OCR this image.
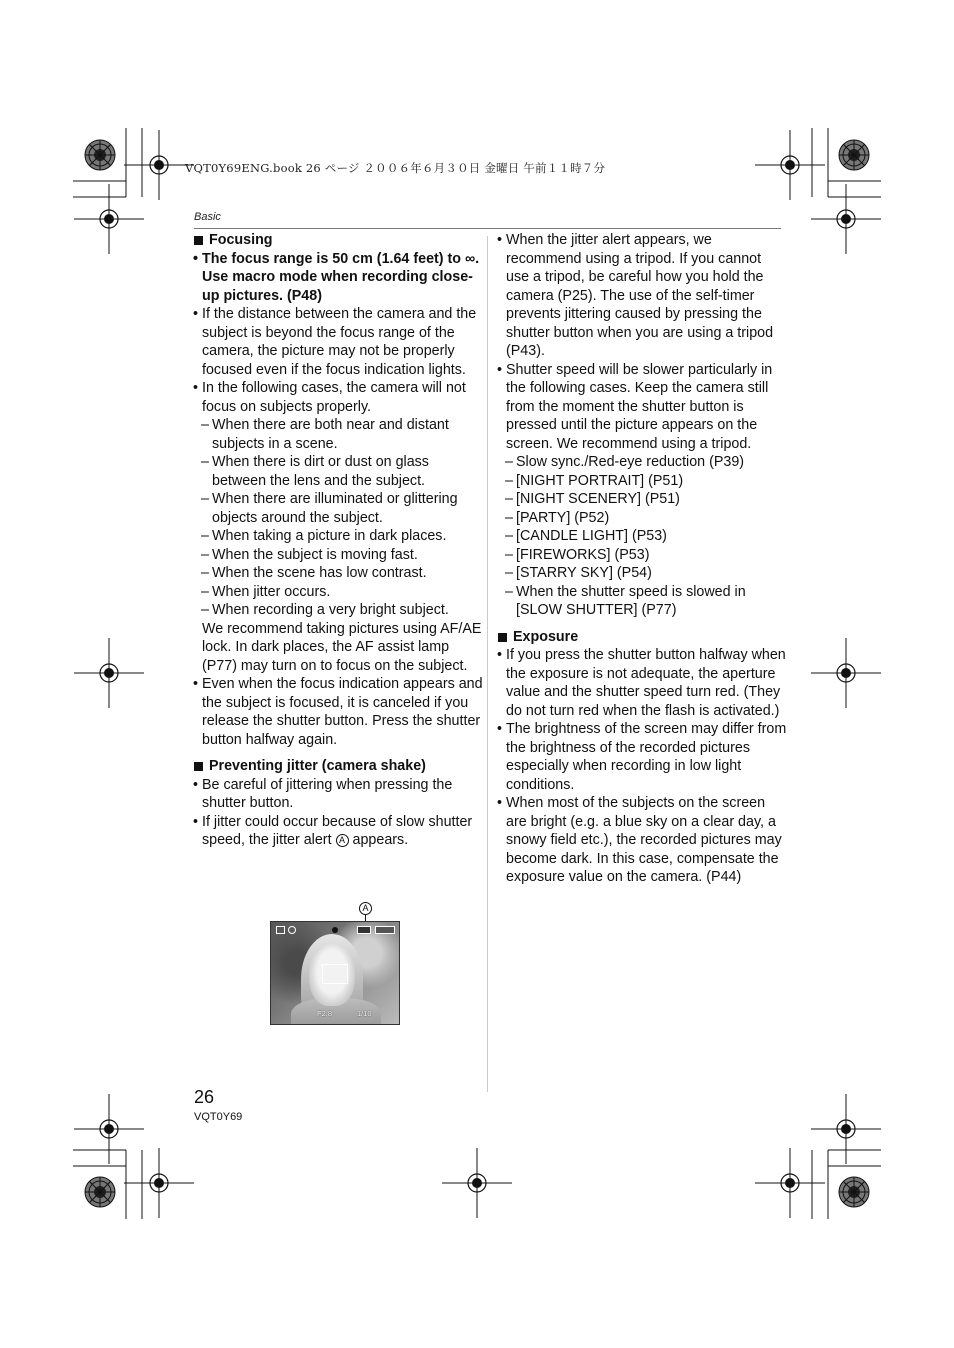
VQT0Y69ENG.book 26 ページ ２００６年６月３０日 金曜日 午前１１時７分
Basic
Focusing
• The focus range is 50 cm (1.64 feet) to ∞. Use macro mode when recording close-up pictures. (P48)
• If the distance between the camera and the subject is beyond the focus range of the camera, the picture may not be properly focused even if the focus indication lights.
• In the following cases, the camera will not focus on subjects properly.
– When there are both near and distant subjects in a scene.
– When there is dirt or dust on glass between the lens and the subject.
– When there are illuminated or glittering objects around the subject.
– When taking a picture in dark places.
– When the subject is moving fast.
– When the scene has low contrast.
– When jitter occurs.
– When recording a very bright subject.
We recommend taking pictures using AF/AE lock. In dark places, the AF assist lamp (P77) may turn on to focus on the subject.
• Even when the focus indication appears and the subject is focused, it is canceled if you release the shutter button. Press the shutter button halfway again.
Preventing jitter (camera shake)
• Be careful of jittering when pressing the shutter button.
• If jitter could occur because of slow shutter speed, the jitter alert A appears.
A
F2.8	1/10
• When the jitter alert appears, we recommend using a tripod. If you cannot use a tripod, be careful how you hold the camera (P25). The use of the self-timer prevents jittering caused by pressing the shutter button when you are using a tripod (P43).
• Shutter speed will be slower particularly in the following cases. Keep the camera still from the moment the shutter button is pressed until the picture appears on the screen. We recommend using a tripod.
– Slow sync./Red-eye reduction (P39)
– [NIGHT PORTRAIT] (P51)
– [NIGHT SCENERY] (P51)
– [PARTY] (P52)
– [CANDLE LIGHT] (P53)
– [FIREWORKS] (P53)
– [STARRY SKY] (P54)
– When the shutter speed is slowed in [SLOW SHUTTER] (P77)
Exposure
• If you press the shutter button halfway when the exposure is not adequate, the aperture value and the shutter speed turn red. (They do not turn red when the flash is activated.)
• The brightness of the screen may differ from the brightness of the recorded pictures especially when recording in low light conditions.
• When most of the subjects on the screen are bright (e.g. a blue sky on a clear day, a snowy field etc.), the recorded pictures may become dark. In this case, compensate the exposure value on the camera. (P44)
26
VQT0Y69
